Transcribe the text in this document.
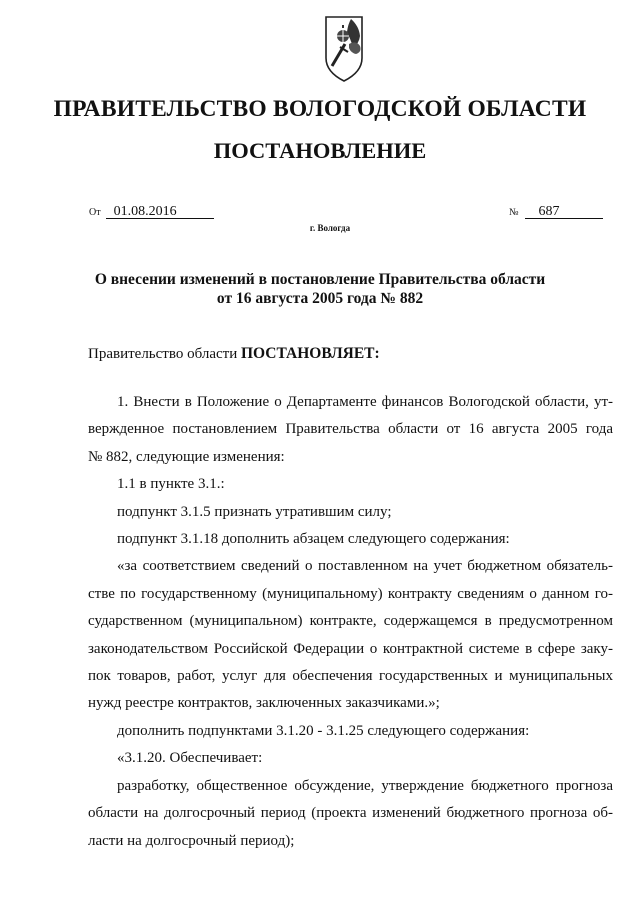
ПРАВИТЕЛЬСТВО ВОЛОГОДСКОЙ ОБЛАСТИ
ПОСТАНОВЛЕНИЕ
От 01.08.2016	№ 687
г. Вологда
О внесении изменений в постановление Правительства области
от 16 августа 2005 года № 882
Правительство области ПОСТАНОВЛЯЕТ:
1. Внести в Положение о Департаменте финансов Вологодской области, ут-
вержденное постановлением Правительства области от 16 августа 2005 года
№ 882, следующие изменения:
1.1 в пункте 3.1.:
подпункт 3.1.5 признать утратившим силу;
подпункт 3.1.18 дополнить абзацем следующего содержания:
«за соответствием сведений о поставленном на учет бюджетном обязатель-
стве по государственному (муниципальному) контракту сведениям о данном го-
сударственном (муниципальном) контракте, содержащемся в предусмотренном
законодательством Российской Федерации о контрактной системе в сфере заку-
пок товаров, работ, услуг для обеспечения государственных и муниципальных
нужд реестре контрактов, заключенных заказчиками.»;
дополнить подпунктами 3.1.20 - 3.1.25 следующего содержания:
«3.1.20. Обеспечивает:
разработку, общественное обсуждение, утверждение бюджетного прогноза
области на долгосрочный период (проекта изменений бюджетного прогноза об-
ласти на долгосрочный период);
